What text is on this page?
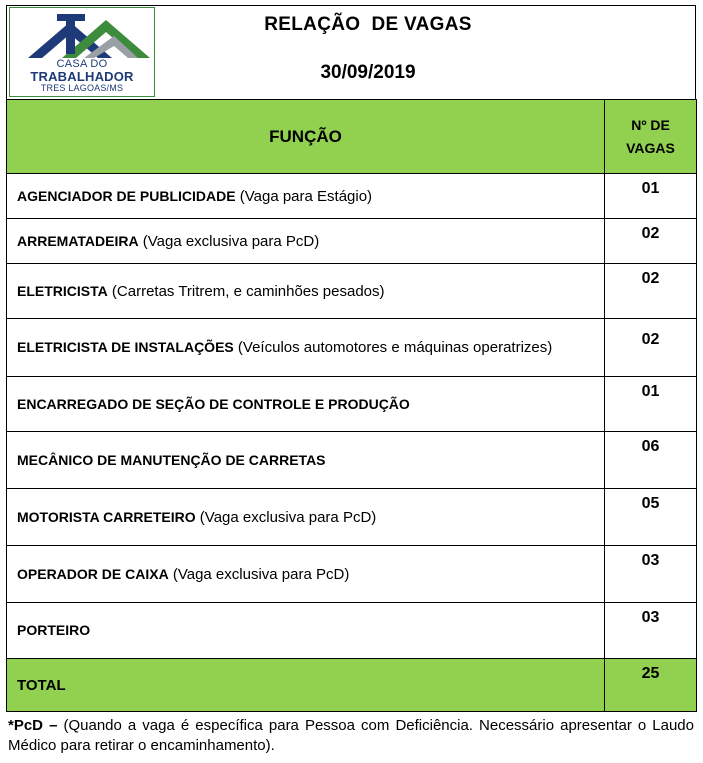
CASA DO
TRABALHADOR
TRES LAGOAS/MS
RELAÇÃO  DE VAGAS
30/09/2019
FUNÇÃO	Nº DE
VAGAS

AGENCIADOR DE PUBLICIDADE (Vaga para Estágio)	01
ARREMATADEIRA (Vaga exclusiva para PcD)	02
ELETRICISTA (Carretas Tritrem, e caminhões pesados)	02
ELETRICISTA DE INSTALAÇÕES (Veículos automotores e máquinas operatrizes)	02
ENCARREGADO DE SEÇÃO DE CONTROLE E PRODUÇÃO	01
MECÂNICO DE MANUTENÇÃO DE CARRETAS	06
MOTORISTA CARRETEIRO (Vaga exclusiva para PcD)	05
OPERADOR DE CAIXA (Vaga exclusiva para PcD)	03
PORTEIRO	03
TOTAL	25
*PcD – (Quando a vaga é específica para Pessoa com Deficiência. Necessário apresentar o Laudo Médico para retirar o encaminhamento).
